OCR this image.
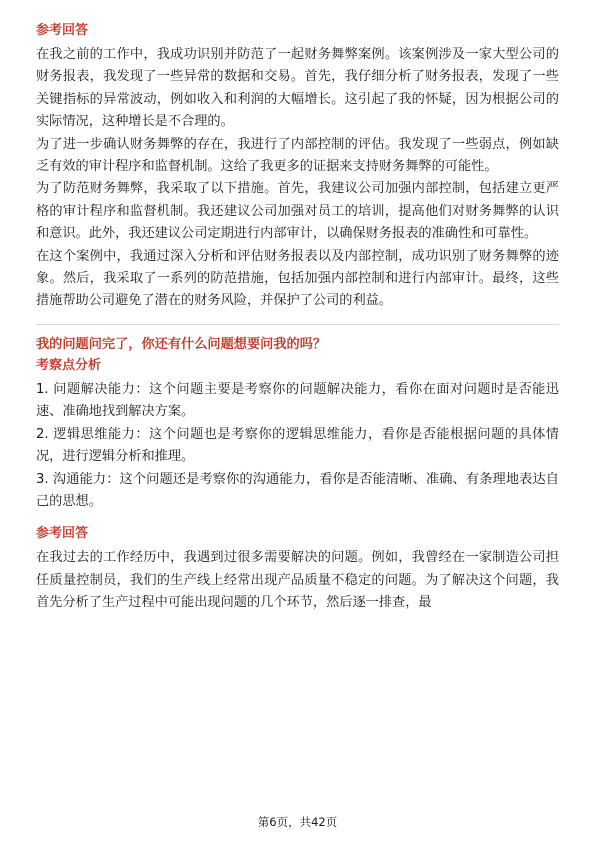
参考回答

在我之前的工作中，我成功识别并防范了一起财务舞弊案例。该案例涉及一家大型公司的财务报表，我发现了一些异常的数据和交易。首先，我仔细分析了财务报表，发现了一些关键指标的异常波动，例如收入和利润的大幅增长。这引起了我的怀疑，因为根据公司的实际情况，这种增长是不合理的。

为了进一步确认财务舞弊的存在，我进行了内部控制的评估。我发现了一些弱点，例如缺乏有效的审计程序和监督机制。这给了我更多的证据来支持财务舞弊的可能性。

为了防范财务舞弊，我采取了以下措施。首先，我建议公司加强内部控制，包括建立更严格的审计程序和监督机制。我还建议公司加强对员工的培训，提高他们对财务舞弊的认识和意识。此外，我还建议公司定期进行内部审计，以确保财务报表的准确性和可靠性。

在这个案例中，我通过深入分析和评估财务报表以及内部控制，成功识别了财务舞弊的迹象。然后，我采取了一系列的防范措施，包括加强内部控制和进行内部审计。最终，这些措施帮助公司避免了潜在的财务风险，并保护了公司的利益。

我的问题问完了，你还有什么问题想要问我的吗？
考察点分析

1. 问题解决能力：这个问题主要是考察你的问题解决能力，看你在面对问题时是否能迅速、准确地找到解决方案。

2. 逻辑思维能力：这个问题也是考察你的逻辑思维能力，看你是否能根据问题的具体情况，进行逻辑分析和推理。

3. 沟通能力：这个问题还是考察你的沟通能力，看你是否能清晰、准确、有条理地表达自己的思想。

参考回答

在我过去的工作经历中，我遇到过很多需要解决的问题。例如，我曾经在一家制造公司担任质量控制员，我们的生产线上经常出现产品质量不稳定的问题。为了解决这个问题，我首先分析了生产过程中可能出现问题的几个环节，然后逐一排查，最

第6页，共42页
